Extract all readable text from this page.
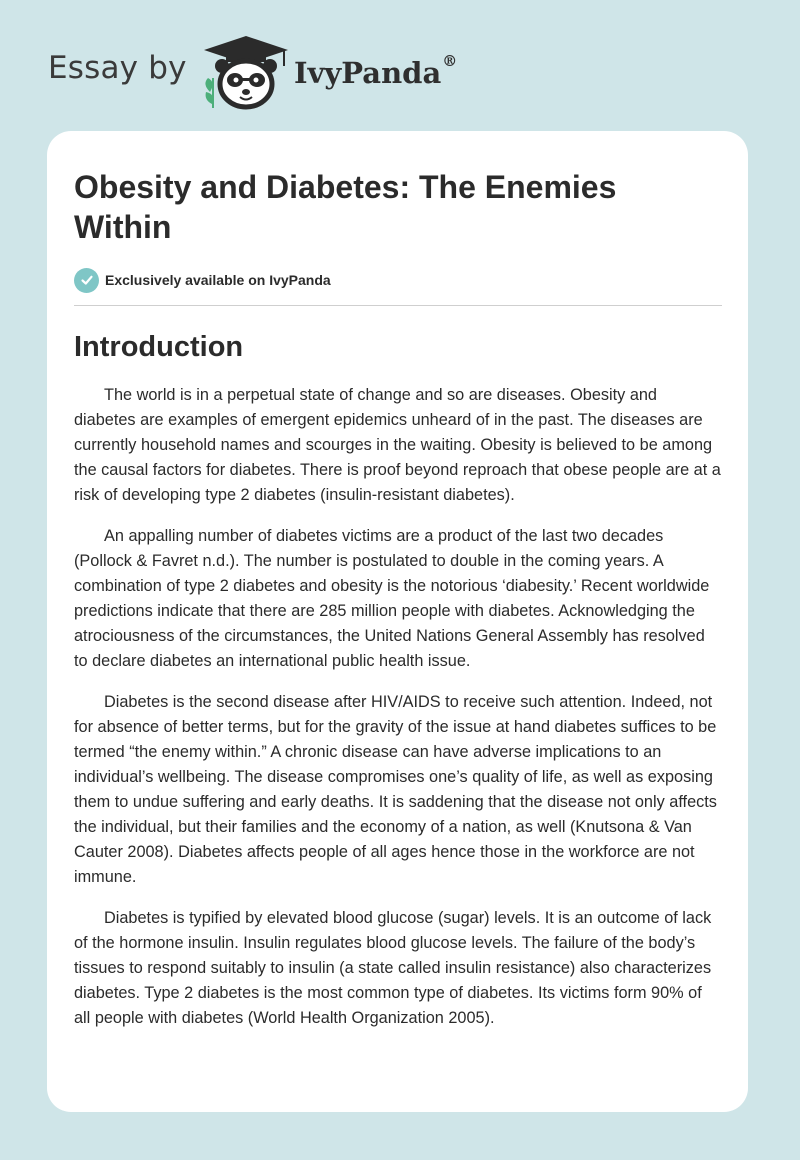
Essay by	IvyPanda®
Obesity and Diabetes: The Enemies Within
Exclusively available on IvyPanda
Introduction

The world is in a perpetual state of change and so are diseases. Obesity and diabetes are examples of emergent epidemics unheard of in the past. The diseases are currently household names and scourges in the waiting. Obesity is believed to be among the causal factors for diabetes. There is proof beyond reproach that obese people are at a risk of developing type 2 diabetes (insulin-resistant diabetes).

An appalling number of diabetes victims are a product of the last two decades (Pollock & Favret n.d.). The number is postulated to double in the coming years. A combination of type 2 diabetes and obesity is the notorious ‘diabesity.’ Recent worldwide predictions indicate that there are 285 million people with diabetes. Acknowledging the atrociousness of the circumstances, the United Nations General Assembly has resolved to declare diabetes an international public health issue.

Diabetes is the second disease after HIV/AIDS to receive such attention. Indeed, not for absence of better terms, but for the gravity of the issue at hand diabetes suffices to be termed “the enemy within.” A chronic disease can have adverse implications to an individual’s wellbeing. The disease compromises one’s quality of life, as well as exposing them to undue suffering and early deaths. It is saddening that the disease not only affects the individual, but their families and the economy of a nation, as well (Knutsona & Van Cauter 2008). Diabetes affects people of all ages hence those in the workforce are not immune.

Diabetes is typified by elevated blood glucose (sugar) levels. It is an outcome of lack of the hormone insulin. Insulin regulates blood glucose levels. The failure of the body’s tissues to respond suitably to insulin (a state called insulin resistance) also characterizes diabetes. Type 2 diabetes is the most common type of diabetes. Its victims form 90% of all people with diabetes (World Health Organization 2005).
